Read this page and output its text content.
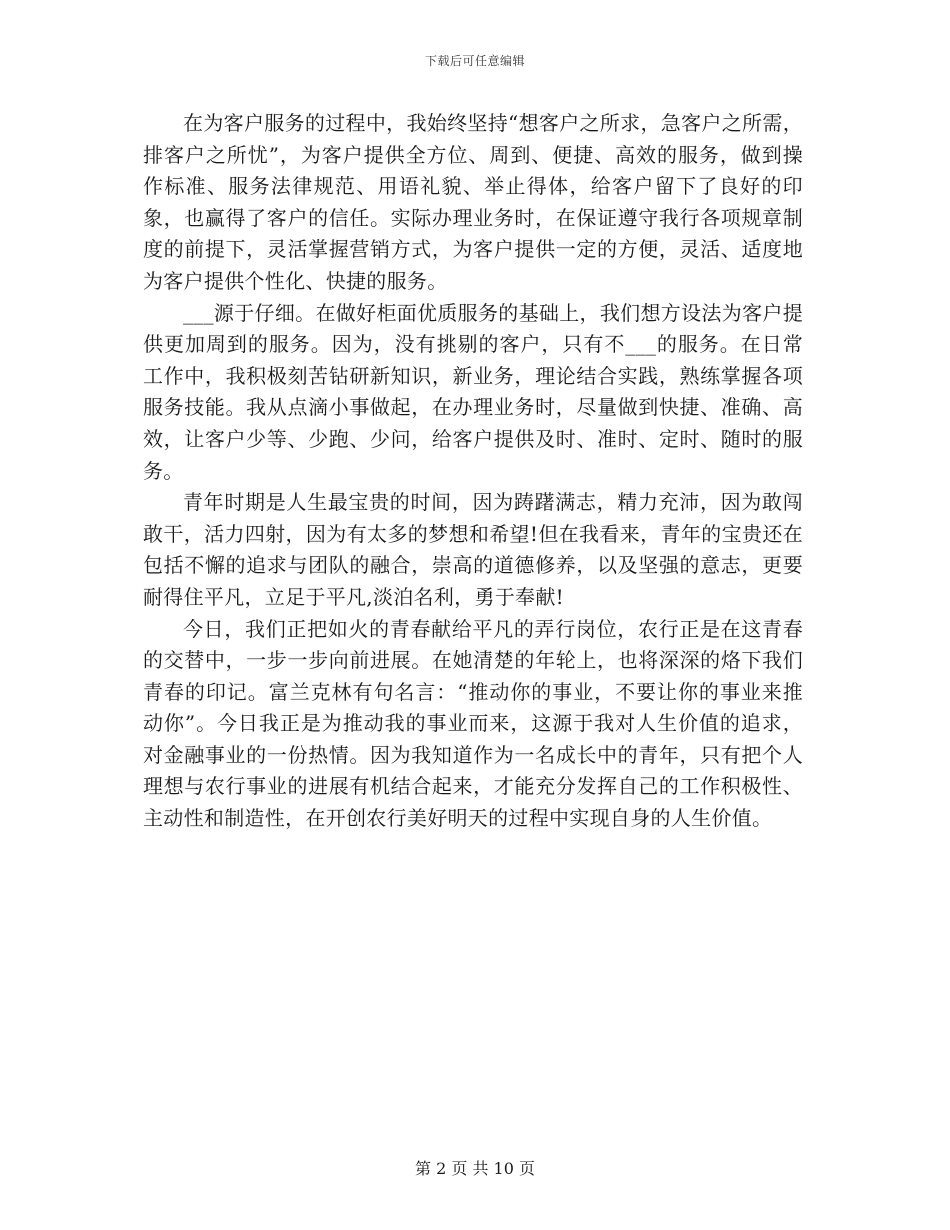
下载后可任意编辑

在为客户服务的过程中，我始终坚持“想客户之所求，急客户之所需，排客户之所忧”，为客户提供全方位、周到、便捷、高效的服务，做到操作标准、服务法律规范、用语礼貌、举止得体，给客户留下了良好的印象，也赢得了客户的信任。实际办理业务时，在保证遵守我行各项规章制度的前提下，灵活掌握营销方式，为客户提供一定的方便，灵活、适度地为客户提供个性化、快捷的服务。

___源于仔细。在做好柜面优质服务的基础上，我们想方设法为客户提供更加周到的服务。因为，没有挑剔的客户，只有不___的服务。在日常工作中，我积极刻苦钻研新知识，新业务，理论结合实践，熟练掌握各项服务技能。我从点滴小事做起，在办理业务时，尽量做到快捷、准确、高效，让客户少等、少跑、少问，给客户提供及时、准时、定时、随时的服务。

青年时期是人生最宝贵的时间，因为踌躇满志，精力充沛，因为敢闯敢干，活力四射，因为有太多的梦想和希望!但在我看来，青年的宝贵还在包括不懈的追求与团队的融合，崇高的道德修养，以及坚强的意志，更要耐得住平凡，立足于平凡,淡泊名利，勇于奉献!

今日，我们正把如火的青春献给平凡的弄行岗位，农行正是在这青春的交替中，一步一步向前进展。在她清楚的年轮上，也将深深的烙下我们青春的印记。富兰克林有句名言：“推动你的事业，不要让你的事业来推动你”。今日我正是为推动我的事业而来，这源于我对人生价值的追求，对金融事业的一份热情。因为我知道作为一名成长中的青年，只有把个人理想与农行事业的进展有机结合起来，才能充分发挥自己的工作积极性、主动性和制造性，在开创农行美好明天的过程中实现自身的人生价值。

第 2 页 共 10 页
